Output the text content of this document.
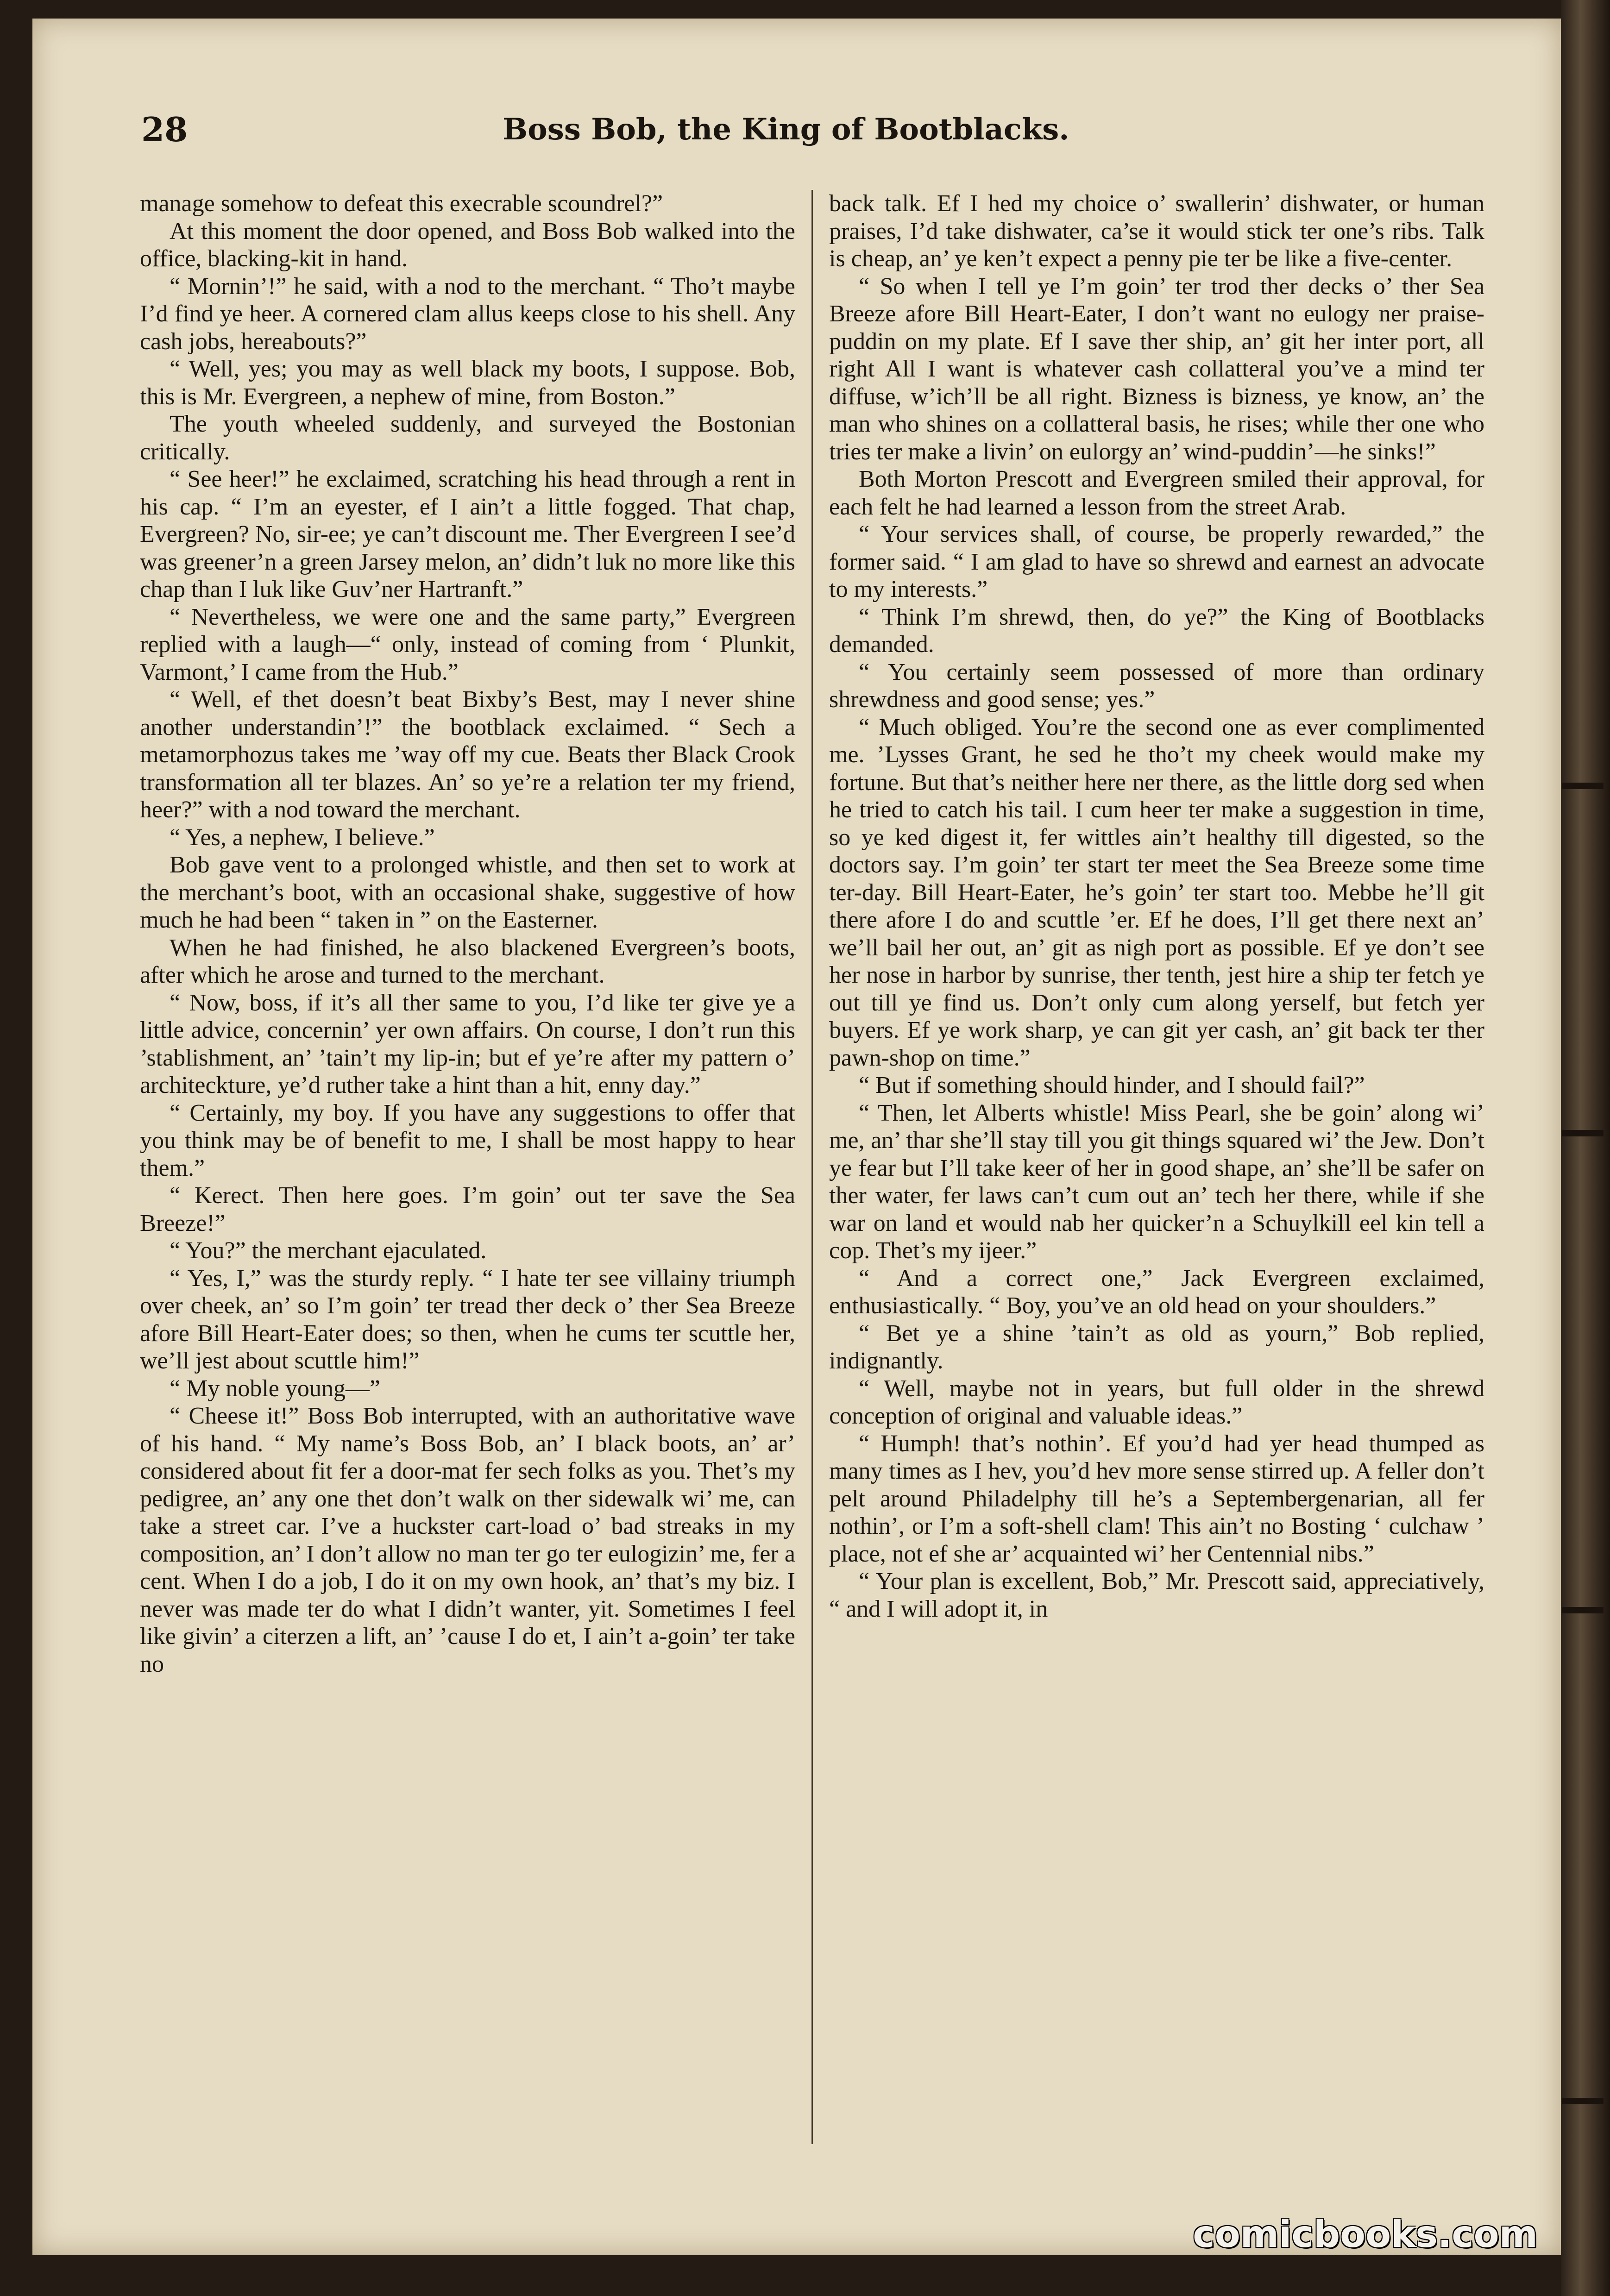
28	Boss Bob, the King of Bootblacks.

manage somehow to defeat this execrable scoundrel?”

At this moment the door opened, and Boss Bob walked into the office, blacking-kit in hand.

“ Mornin’!” he said, with a nod to the merchant. “ Tho’t maybe I’d find ye heer. A cornered clam allus keeps close to his shell. Any cash jobs, hereabouts?”

“ Well, yes; you may as well black my boots, I suppose. Bob, this is Mr. Evergreen, a nephew of mine, from Boston.”

The youth wheeled suddenly, and surveyed the Bostonian critically.

“ See heer!” he exclaimed, scratching his head through a rent in his cap. “ I’m an eyester, ef I ain’t a little fogged. That chap, Evergreen? No, sir-ee; ye can’t discount me. Ther Evergreen I see’d was greener’n a green Jarsey melon, an’ didn’t luk no more like this chap than I luk like Guv’ner Hartranft.”

“ Nevertheless, we were one and the same party,” Evergreen replied with a laugh—“ only, instead of coming from ‘ Plunkit, Varmont,’ I came from the Hub.”

“ Well, ef thet doesn’t beat Bixby’s Best, may I never shine another understandin’!” the bootblack exclaimed. “ Sech a metamorphozus takes me ’way off my cue. Beats ther Black Crook transformation all ter blazes. An’ so ye’re a relation ter my friend, heer?” with a nod toward the merchant.

“ Yes, a nephew, I believe.”

Bob gave vent to a prolonged whistle, and then set to work at the merchant’s boot, with an occasional shake, suggestive of how much he had been “ taken in ” on the Easterner.

When he had finished, he also blackened Evergreen’s boots, after which he arose and turned to the merchant.

“ Now, boss, if it’s all ther same to you, I’d like ter give ye a little advice, concernin’ yer own affairs. On course, I don’t run this ’stablishment, an’ ’tain’t my lip-in; but ef ye’re after my pattern o’ architeckture, ye’d ruther take a hint than a hit, enny day.”

“ Certainly, my boy. If you have any suggestions to offer that you think may be of benefit to me, I shall be most happy to hear them.”

“ Kerect. Then here goes. I’m goin’ out ter save the Sea Breeze!”

“ You?” the merchant ejaculated.

“ Yes, I,” was the sturdy reply. “ I hate ter see villainy triumph over cheek, an’ so I’m goin’ ter tread ther deck o’ ther Sea Breeze afore Bill Heart-Eater does; so then, when he cums ter scuttle her, we’ll jest about scuttle him!”

“ My noble young—”

“ Cheese it!” Boss Bob interrupted, with an authoritative wave of his hand. “ My name’s Boss Bob, an’ I black boots, an’ ar’ considered about fit fer a door-mat fer sech folks as you. Thet’s my pedigree, an’ any one thet don’t walk on ther sidewalk wi’ me, can take a street car. I’ve a huckster cart-load o’ bad streaks in my composition, an’ I don’t allow no man ter go ter eulogizin’ me, fer a cent. When I do a job, I do it on my own hook, an’ that’s my biz. I never was made ter do what I didn’t wanter, yit. Sometimes I feel like givin’ a citerzen a lift, an’ ’cause I do et, I ain’t a-goin’ ter take no

back talk. Ef I hed my choice o’ swallerin’ dishwater, or human praises, I’d take dishwater, ca’se it would stick ter one’s ribs. Talk is cheap, an’ ye ken’t expect a penny pie ter be like a five-center.

“ So when I tell ye I’m goin’ ter trod ther decks o’ ther Sea Breeze afore Bill Heart-Eater, I don’t want no eulogy ner praise-puddin on my plate. Ef I save ther ship, an’ git her inter port, all right All I want is whatever cash collatteral you’ve a mind ter diffuse, w’ich’ll be all right. Bizness is bizness, ye know, an’ the man who shines on a collatteral basis, he rises; while ther one who tries ter make a livin’ on eulorgy an’ wind-puddin’—he sinks!”

Both Morton Prescott and Evergreen smiled their approval, for each felt he had learned a lesson from the street Arab.

“ Your services shall, of course, be properly rewarded,” the former said. “ I am glad to have so shrewd and earnest an advocate to my interests.”

“ Think I’m shrewd, then, do ye?” the King of Bootblacks demanded.

“ You certainly seem possessed of more than ordinary shrewdness and good sense; yes.”

“ Much obliged. You’re the second one as ever complimented me. ’Lysses Grant, he sed he tho’t my cheek would make my fortune. But that’s neither here ner there, as the little dorg sed when he tried to catch his tail. I cum heer ter make a suggestion in time, so ye ked digest it, fer wittles ain’t healthy till digested, so the doctors say. I’m goin’ ter start ter meet the Sea Breeze some time ter-day. Bill Heart-Eater, he’s goin’ ter start too. Mebbe he’ll git there afore I do and scuttle ’er. Ef he does, I’ll get there next an’ we’ll bail her out, an’ git as nigh port as possible. Ef ye don’t see her nose in harbor by sunrise, ther tenth, jest hire a ship ter fetch ye out till ye find us. Don’t only cum along yerself, but fetch yer buyers. Ef ye work sharp, ye can git yer cash, an’ git back ter ther pawn-shop on time.”

“ But if something should hinder, and I should fail?”

“ Then, let Alberts whistle! Miss Pearl, she be goin’ along wi’ me, an’ thar she’ll stay till you git things squared wi’ the Jew. Don’t ye fear but I’ll take keer of her in good shape, an’ she’ll be safer on ther water, fer laws can’t cum out an’ tech her there, while if she war on land et would nab her quicker’n a Schuylkill eel kin tell a cop. Thet’s my ijeer.”

“ And a correct one,” Jack Evergreen exclaimed, enthusiastically. “ Boy, you’ve an old head on your shoulders.”

“ Bet ye a shine ’tain’t as old as yourn,” Bob replied, indignantly.

“ Well, maybe not in years, but full older in the shrewd conception of original and valuable ideas.”

“ Humph! that’s nothin’. Ef you’d had yer head thumped as many times as I hev, you’d hev more sense stirred up. A feller don’t pelt around Philadelphy till he’s a Septembergenarian, all fer nothin’, or I’m a soft-shell clam! This ain’t no Bosting ‘ culchaw ’ place, not ef she ar’ acquainted wi’ her Centennial nibs.”

“ Your plan is excellent, Bob,” Mr. Prescott said, appreciatively, “ and I will adopt it, in

comicbooks.com
